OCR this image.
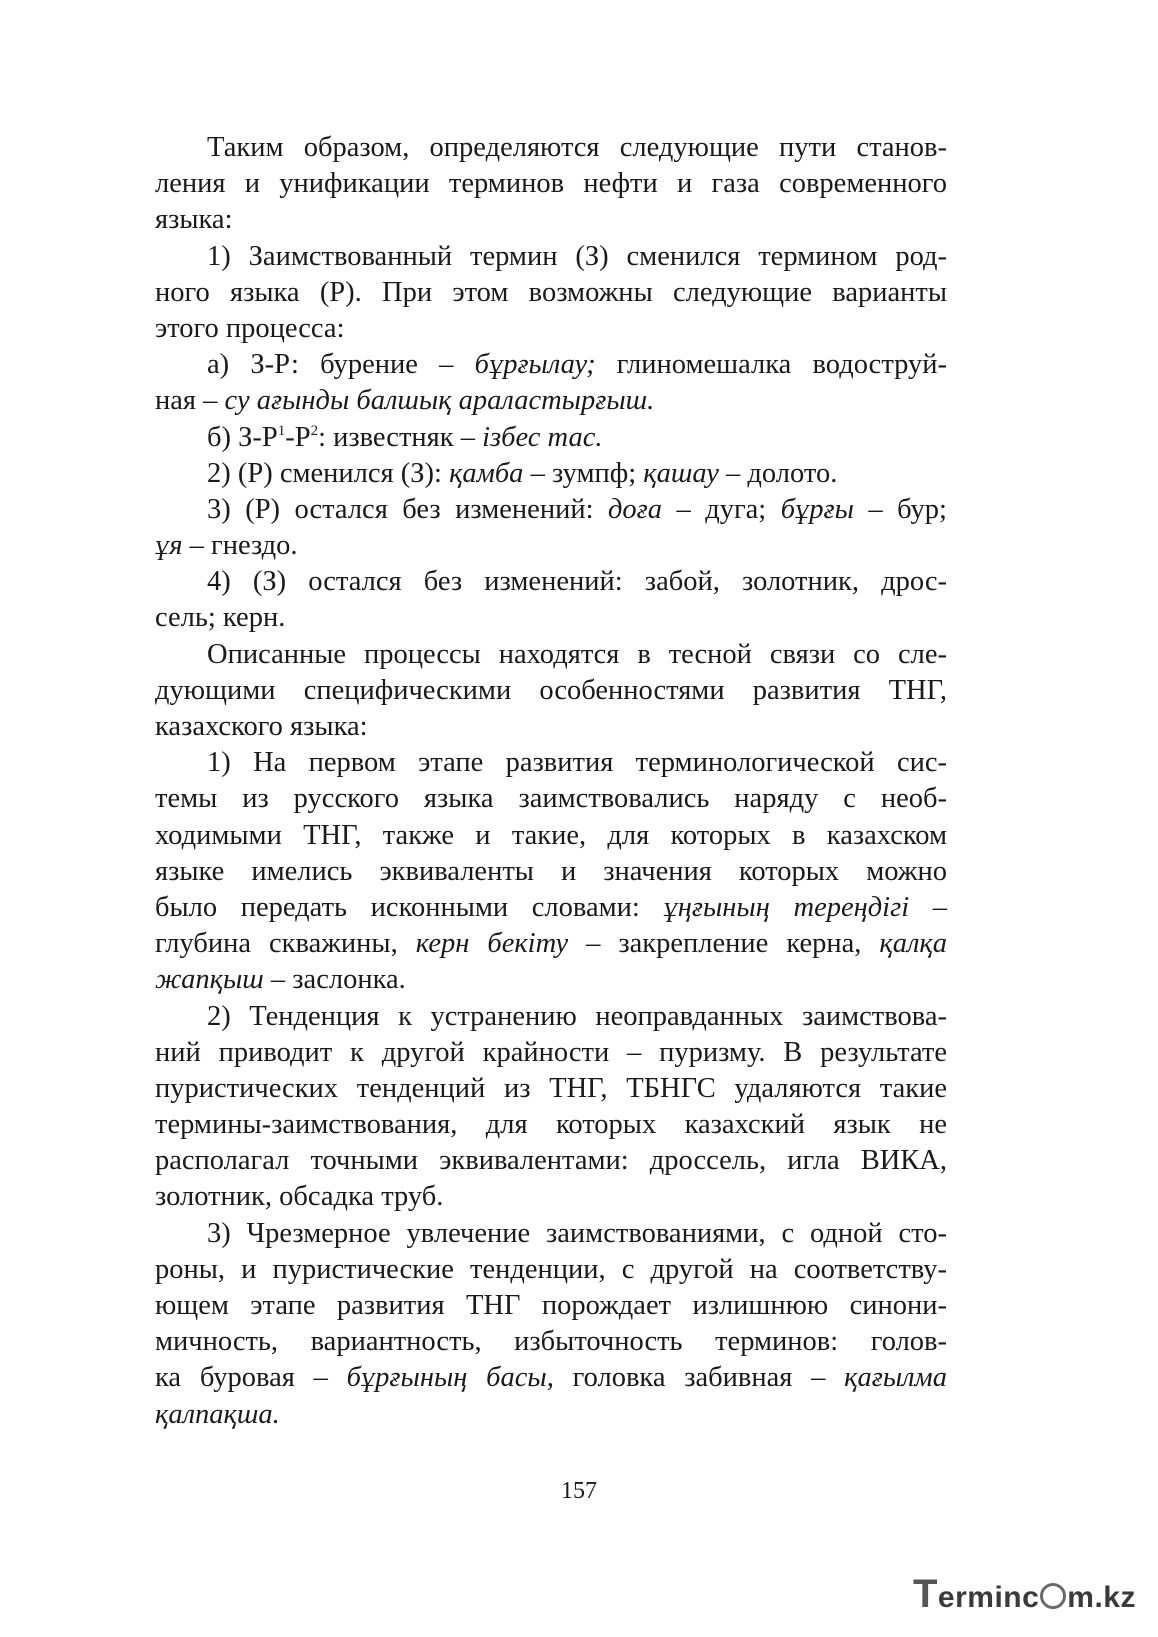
Таким образом, определяются следующие пути станов-
ления и унификации терминов нефти и газа современного
языка:
1) Заимствованный термин (З) сменился термином род-
ного языка (Р). При этом возможны следующие варианты
этого процесса:
а) З-Р: бурение – бұрғылау; глиномешалка водоструй-
ная – су ағынды балшық араластырғыш.
б) $З-Р^1-Р^2$: известняк – ізбес тас.
2) (Р) сменился (З): қамба – зумпф; қашау – долото.
3) (Р) остался без изменений: доға – дуга; бұрғы – бур;
ұя – гнездо.
4) (З) остался без изменений: забой, золотник, дрос-
сель; керн.
Описанные процессы находятся в тесной связи со сле-
дующими специфическими особенностями развития ТНГ,
казахского языка:
1) На первом этапе развития терминологической сис-
темы из русского языка заимствовались наряду с необ-
ходимыми ТНГ, также и такие, для которых в казахском
языке имелись эквиваленты и значения которых можно
было передать исконными словами: ұңғының тереңдігі –
глубина скважины, керн бекіту – закрепление керна, қалқа
жапқыш – заслонка.
2) Тенденция к устранению неоправданных заимствова-
ний приводит к другой крайности – пуризму. В результате
пуристических тенденций из ТНГ, ТБНГС удаляются такие
термины-заимствования, для которых казахский язык не
располагал точными эквивалентами: дроссель, игла ВИКА,
золотник, обсадка труб.
3) Чрезмерное увлечение заимствованиями, с одной сто-
роны, и пуристические тенденции, с другой на соответству-
ющем этапе развития ТНГ порождает излишнюю синони-
мичность, вариантность, избыточность терминов: голов-
ка буровая – бұрғының басы, головка забивная – қағылма
қалпақша.
157
Terminc m.kz
